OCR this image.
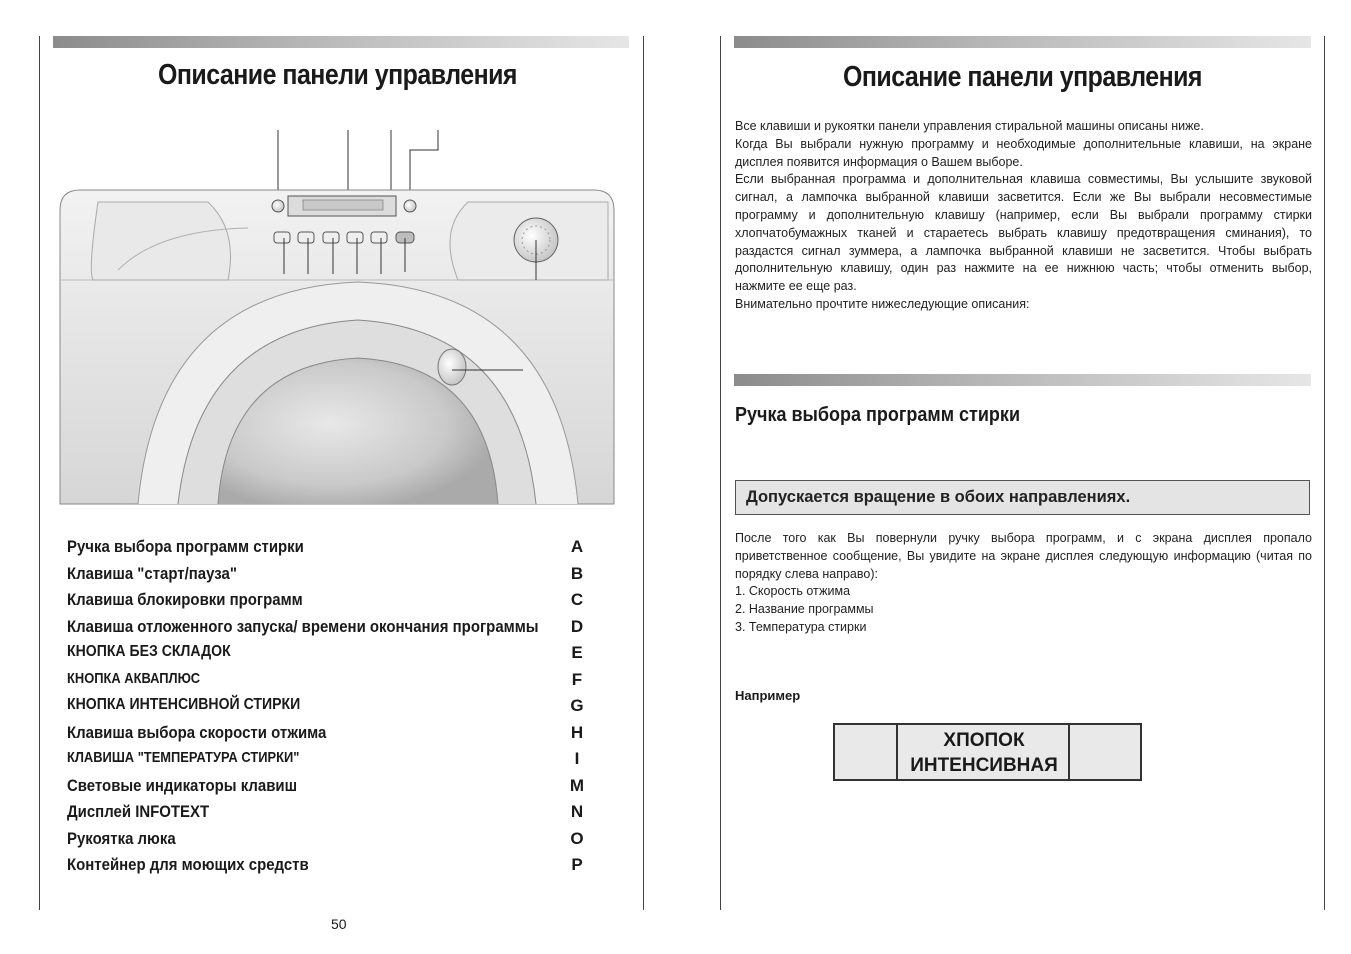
Описание панели управления
Ручка выбора программ стирки	A
Клавиша "старт/пауза"	B
Клавиша блокировки программ	C
Клавиша отложенного запуска/ времени окончания программы D
КНОПКА БЕЗ СКЛАДОК	E
КНОПКА АКВАПЛЮС	F
КНОПКА ИНТЕНСИВНОЙ СТИРКИ	G
Клавиша выбора скорости отжима	H
КЛАВИША "ТЕМПЕРАТУРА СТИРКИ"	I
Световые индикаторы клавиш	M
Дисплей INFOTEXT	N
Рукоятка люка	O
Контейнер для моющих средств	P
50
Описание панели управления

Все клавиши и рукоятки панели управления стиральной машины описаны ниже.

Когда Вы выбрали нужную программу и необходимые дополнительные клавиши, на экране дисплея появится информация о Вашем выборе.

Если выбранная программа и дополнительная клавиша совместимы, Вы услышите звуковой сигнал, а лампочка выбранной клавиши засветится. Если же Вы выбрали несовместимые программу и дополнительную клавишу (например, если Вы выбрали программу стирки хлопчатобумажных тканей и стараетесь выбрать клавишу предотвращения сминания), то раздастся сигнал зуммера, а лампочка выбранной клавиши не засветится. Чтобы выбрать дополнительную клавишу, один раз нажмите на ее нижнюю часть; чтобы отменить выбор, нажмите ее еще раз.

Внимательно прочтите нижеследующие описания:

Ручка выбора программ стирки
Допускается вращение в обоих направлениях.

После того как Вы повернули ручку выбора программ, и с экрана дисплея пропало приветственное сообщение, Вы увидите на экране дисплея следующую информацию (читая по порядку слева направо):

1. Скорость отжима
2. Название программы
3. Температура стирки
Например
ХПОПОК
ИНТЕНСИВНАЯ
